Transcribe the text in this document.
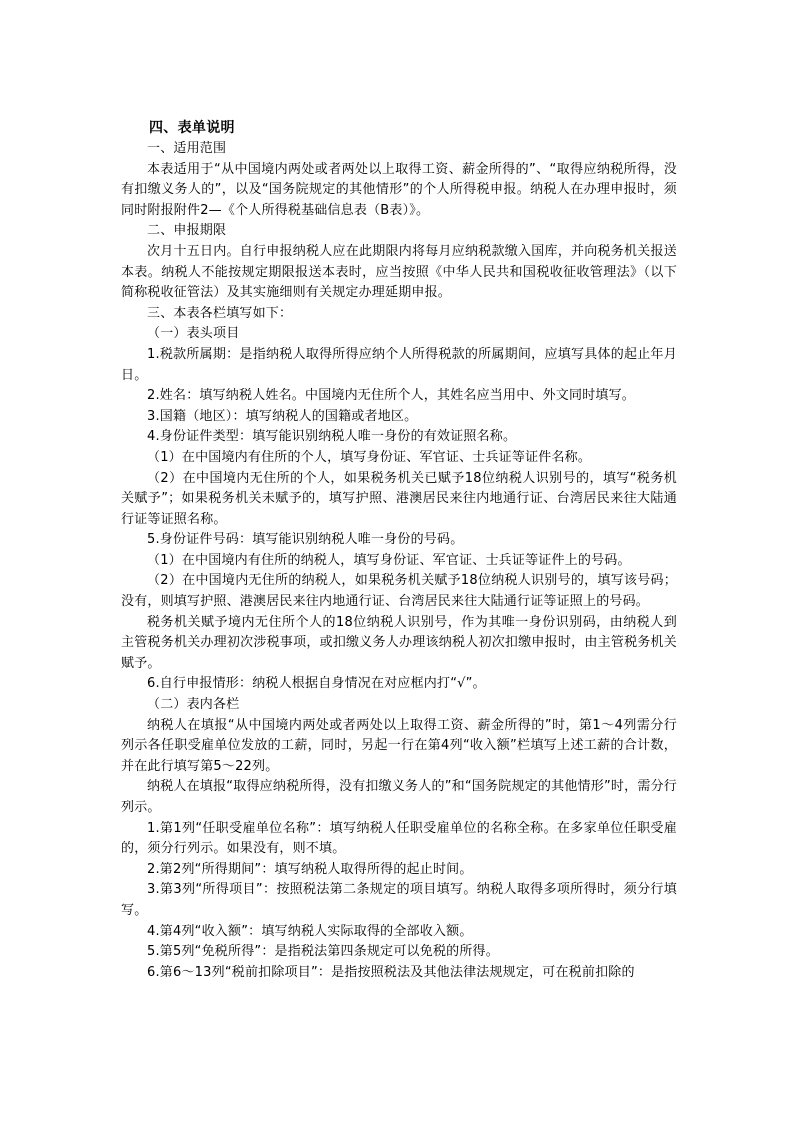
四、表单说明

一、适用范围

本表适用于“从中国境内两处或者两处以上取得工资、薪金所得的”、“取得应纳税所得，没有扣缴义务人的”，以及“国务院规定的其他情形”的个人所得税申报。纳税人在办理申报时，须同时附报附件2—《个人所得税基础信息表（B表）》。

二、申报期限

次月十五日内。自行申报纳税人应在此期限内将每月应纳税款缴入国库，并向税务机关报送本表。纳税人不能按规定期限报送本表时，应当按照《中华人民共和国税收征收管理法》（以下简称税收征管法）及其实施细则有关规定办理延期申报。

三、本表各栏填写如下：

（一）表头项目

1.税款所属期：是指纳税人取得所得应纳个人所得税款的所属期间，应填写具体的起止年月日。

2.姓名：填写纳税人姓名。中国境内无住所个人，其姓名应当用中、外文同时填写。

3.国籍（地区）：填写纳税人的国籍或者地区。

4.身份证件类型：填写能识别纳税人唯一身份的有效证照名称。

（1）在中国境内有住所的个人，填写身份证、军官证、士兵证等证件名称。

（2）在中国境内无住所的个人，如果税务机关已赋予18位纳税人识别号的，填写“税务机关赋予”；如果税务机关未赋予的，填写护照、港澳居民来往内地通行证、台湾居民来往大陆通行证等证照名称。

5.身份证件号码：填写能识别纳税人唯一身份的号码。

（1）在中国境内有住所的纳税人，填写身份证、军官证、士兵证等证件上的号码。

（2）在中国境内无住所的纳税人，如果税务机关赋予18位纳税人识别号的，填写该号码；没有，则填写护照、港澳居民来往内地通行证、台湾居民来往大陆通行证等证照上的号码。

税务机关赋予境内无住所个人的18位纳税人识别号，作为其唯一身份识别码，由纳税人到主管税务机关办理初次涉税事项，或扣缴义务人办理该纳税人初次扣缴申报时，由主管税务机关赋予。

6.自行申报情形：纳税人根据自身情况在对应框内打“√”。

（二）表内各栏

纳税人在填报“从中国境内两处或者两处以上取得工资、薪金所得的”时，第1～4列需分行列示各任职受雇单位发放的工薪，同时，另起一行在第4列“收入额”栏填写上述工薪的合计数，并在此行填写第5～22列。

纳税人在填报“取得应纳税所得，没有扣缴义务人的”和“国务院规定的其他情形”时，需分行列示。

1.第1列“任职受雇单位名称”：填写纳税人任职受雇单位的名称全称。在多家单位任职受雇的，须分行列示。如果没有，则不填。

2.第2列“所得期间”：填写纳税人取得所得的起止时间。

3.第3列“所得项目”：按照税法第二条规定的项目填写。纳税人取得多项所得时，须分行填写。

4.第4列“收入额”：填写纳税人实际取得的全部收入额。

5.第5列“免税所得”：是指税法第四条规定可以免税的所得。

6.第6～13列“税前扣除项目”：是指按照税法及其他法律法规规定，可在税前扣除的
